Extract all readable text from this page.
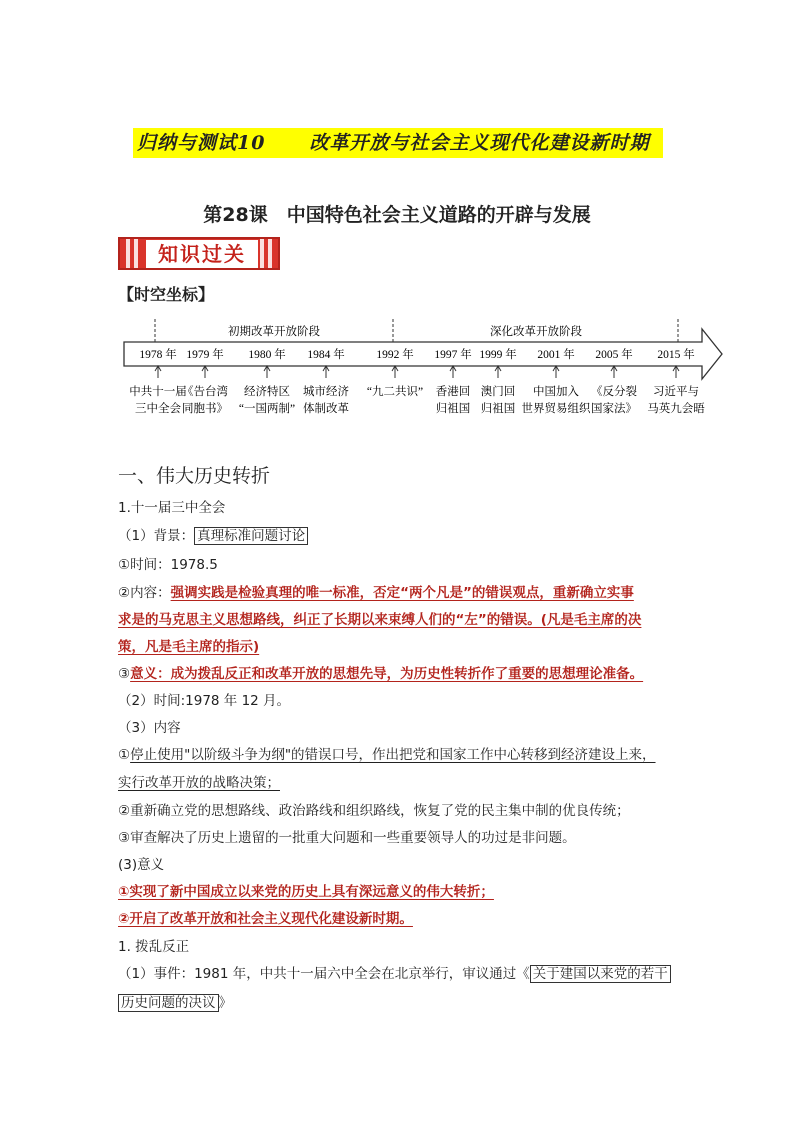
归纳与测试10 改革开放与社会主义现代化建设新时期
第28课　中国特色社会主义道路的开辟与发展
知识过关
【时空坐标】
初期改革开放阶段	深化改革开放阶段
1978 年
中共十一届
三中全会
1979 年
《告台湾
同胞书》
1980 年
经济特区
“一国两制”
1984 年
城市经济
体制改革
1992 年
“九二共识”
1997 年
香港回
归祖国
1999 年
澳门回
归祖国
2001 年
中国加入
世界贸易组织
2005 年
《反分裂
国家法》
2015 年
习近平与
马英九会晤
一、伟大历史转折
1.十一届三中全会
（1）背景： 真理标准问题讨论
①时间：1978.5
②内容：强调实践是检验真理的唯一标准，否定“两个凡是”的错误观点，重新确立实事
求是的马克思主义思想路线，纠正了长期以来束缚人们的“左”的错误。(凡是毛主席的决
策，凡是毛主席的指示)
③意义：成为拨乱反正和改革开放的思想先导，为历史性转折作了重要的思想理论准备。
（2）时间:1978 年 12 月。
（3）内容
①停止使用"以阶级斗争为纲"的错误口号，作出把党和国家工作中心转移到经济建设上来，
实行改革开放的战略决策；
②重新确立党的思想路线、政治路线和组织路线，恢复了党的民主集中制的优良传统；
③审查解决了历史上遗留的一批重大问题和一些重要领导人的功过是非问题。
(3)意义
①实现了新中国成立以来党的历史上具有深远意义的伟大转折；
②开启了改革开放和社会主义现代化建设新时期。
1. 拨乱反正
（1）事件：1981 年，中共十一届六中全会在北京举行，审议通过《 关于建国以来党的若干
历史问题的决议 》
